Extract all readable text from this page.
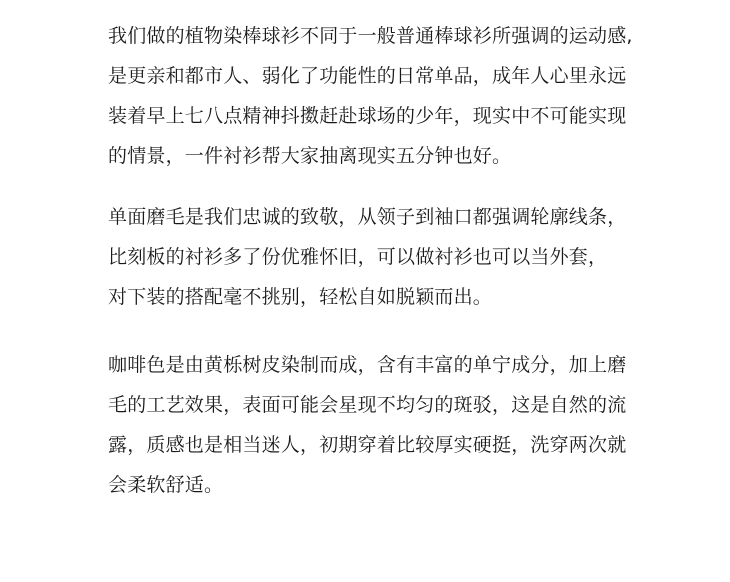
我们做的植物染棒球衫不同于一般普通棒球衫所强调的运动感,
是更亲和都市人、弱化了功能性的日常单品，成年人心里永远
装着早上七八点精神抖擞赶赴球场的少年，现实中不可能实现
的情景，一件衬衫帮大家抽离现实五分钟也好。
单面磨毛是我们忠诚的致敬，从领子到袖口都强调轮廓线条，
比刻板的衬衫多了份优雅怀旧，可以做衬衫也可以当外套，
对下装的搭配毫不挑别，轻松自如脱颖而出。
咖啡色是由黄栎树皮染制而成，含有丰富的单宁成分，加上磨
毛的工艺效果，表面可能会星现不均匀的斑驳，这是自然的流
露，质感也是相当迷人，初期穿着比较厚实硬挺，洗穿两次就
会柔软舒适。
